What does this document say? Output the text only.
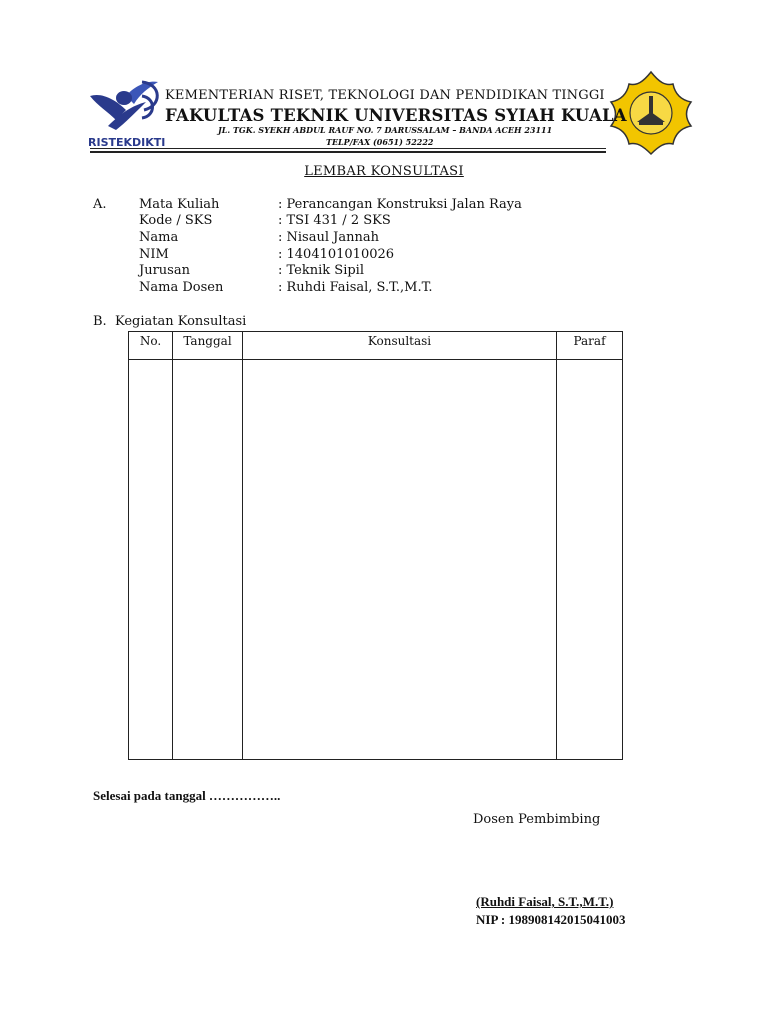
RISTEKDIKTI
KEMENTERIAN RISET, TEKNOLOGI DAN PENDIDIKAN TINGGI
FAKULTAS TEKNIK UNIVERSITAS SYIAH KUALA
JL. TGK. SYEKH ABDUL RAUF NO. 7 DARUSSALAM – BANDA ACEH 23111
TELP/FAX (0651) 52222
LEMBAR KONSULTASI
A. Mata Kuliah	: Perancangan Konstruksi Jalan Raya
Kode / SKS	: TSI 431 / 2 SKS
Nama	: Nisaul Jannah
NIM	: 1404101010026
Jurusan	: Teknik Sipil
Nama Dosen	: Ruhdi Faisal, S.T.,M.T.
B.  Kegiatan Konsultasi
No.	Tanggal	Konsultasi	Paraf

Selesai pada tanggal ……………..
Dosen Pembimbing
(Ruhdi Faisal, S.T.,M.T.)
NIP : 198908142015041003
